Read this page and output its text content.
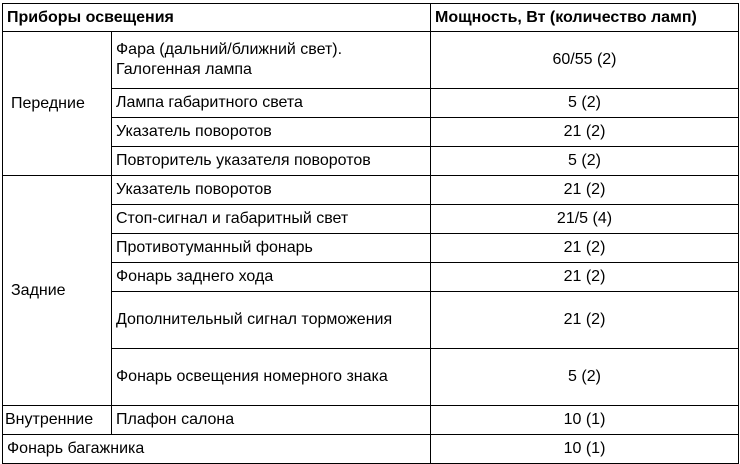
Приборы освещения		Мощность, Вт (количество ламп)
Передние	Фара (дальний/ближний свет). Галогенная лампа	60/55 (2)
	Лампа габаритного света	5 (2)
	Указатель поворотов	21 (2)
	Повторитель указателя поворотов	5 (2)
Задние	Указатель поворотов	21 (2)
	Стоп-сигнал и габаритный свет	21/5 (4)
	Противотуманный фонарь	21 (2)
	Фонарь заднего хода	21 (2)
	Дополнительный сигнал торможения	21 (2)
	Фонарь освещения номерного знака	5 (2)
Внутренние	Плафон салона	10 (1)
Фонарь багажника		10 (1)
